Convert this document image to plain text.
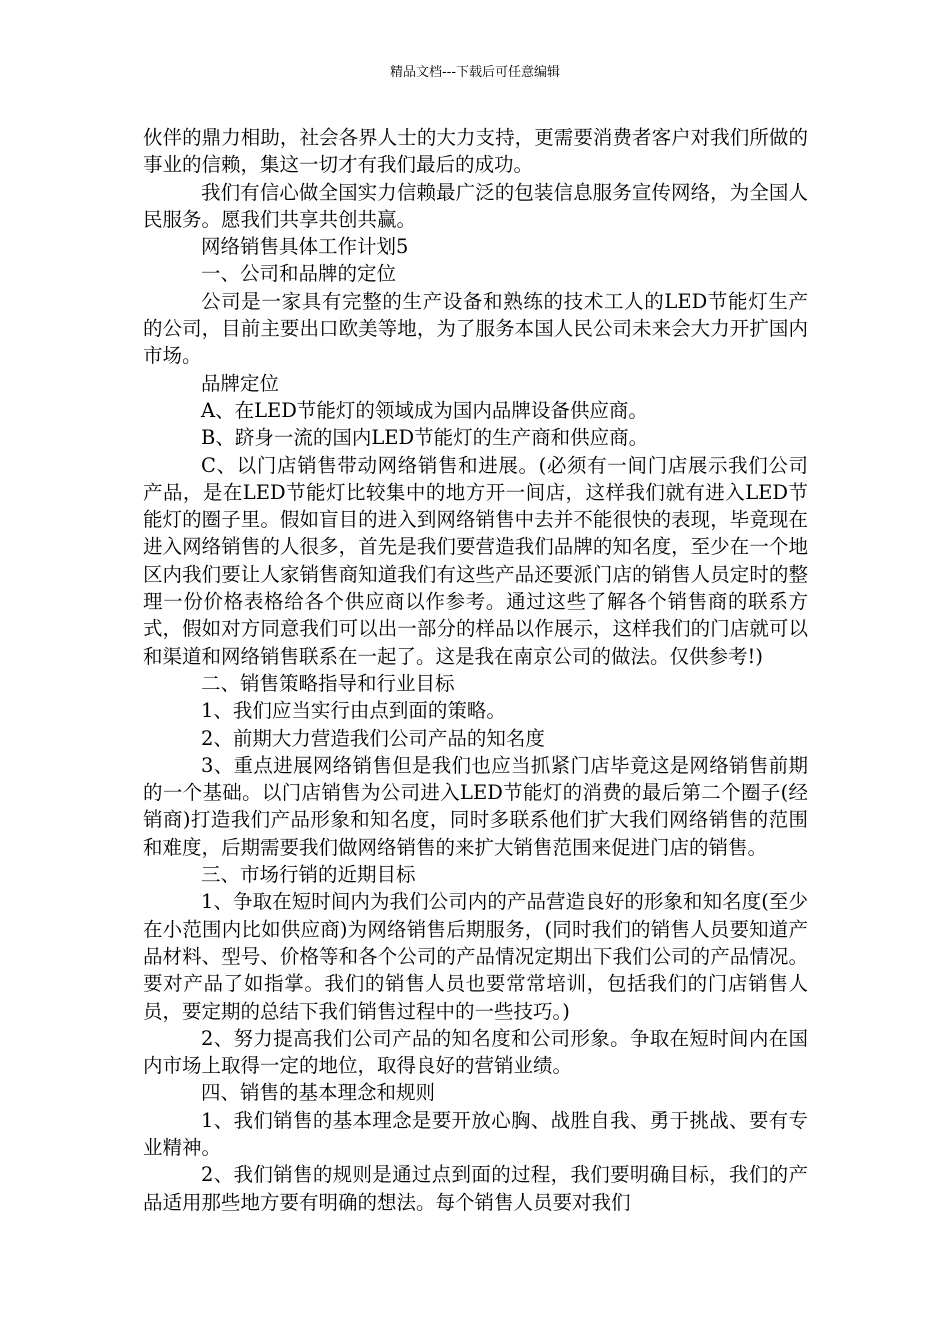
精品文档---下载后可任意编辑

伙伴的鼎力相助，社会各界人士的大力支持，更需要消费者客户对我们所做的事业的信赖，集这一切才有我们最后的成功。

我们有信心做全国实力信赖最广泛的包装信息服务宣传网络，为全国人民服务。愿我们共享共创共赢。

网络销售具体工作计划5

一、公司和品牌的定位

公司是一家具有完整的生产设备和熟练的技术工人的LED节能灯生产的公司，目前主要出口欧美等地，为了服务本国人民公司未来会大力开扩国内市场。

品牌定位

A、在LED节能灯的领域成为国内品牌设备供应商。

B、跻身一流的国内LED节能灯的生产商和供应商。

C、以门店销售带动网络销售和进展。(必须有一间门店展示我们公司产品，是在LED节能灯比较集中的地方开一间店，这样我们就有进入LED节能灯的圈子里。假如盲目的进入到网络销售中去并不能很快的表现，毕竟现在进入网络销售的人很多，首先是我们要营造我们品牌的知名度，至少在一个地区内我们要让人家销售商知道我们有这些产品还要派门店的销售人员定时的整理一份价格表格给各个供应商以作参考。通过这些了解各个销售商的联系方式，假如对方同意我们可以出一部分的样品以作展示，这样我们的门店就可以和渠道和网络销售联系在一起了。这是我在南京公司的做法。仅供参考!)

二、销售策略指导和行业目标

1、我们应当实行由点到面的策略。

2、前期大力营造我们公司产品的知名度

3、重点进展网络销售但是我们也应当抓紧门店毕竟这是网络销售前期的一个基础。以门店销售为公司进入LED节能灯的消费的最后第二个圈子(经销商)打造我们产品形象和知名度，同时多联系他们扩大我们网络销售的范围和难度，后期需要我们做网络销售的来扩大销售范围来促进门店的销售。

三、市场行销的近期目标

1、争取在短时间内为我们公司内的产品营造良好的形象和知名度(至少在小范围内比如供应商)为网络销售后期服务，(同时我们的销售人员要知道产品材料、型号、价格等和各个公司的产品情况定期出下我们公司的产品情况。要对产品了如指掌。我们的销售人员也要常常培训，包括我们的门店销售人员，要定期的总结下我们销售过程中的一些技巧。)

2、努力提高我们公司产品的知名度和公司形象。争取在短时间内在国内市场上取得一定的地位，取得良好的营销业绩。

四、销售的基本理念和规则

1、我们销售的基本理念是要开放心胸、战胜自我、勇于挑战、要有专业精神。

2、我们销售的规则是通过点到面的过程，我们要明确目标，我们的产品适用那些地方要有明确的想法。每个销售人员要对我们
